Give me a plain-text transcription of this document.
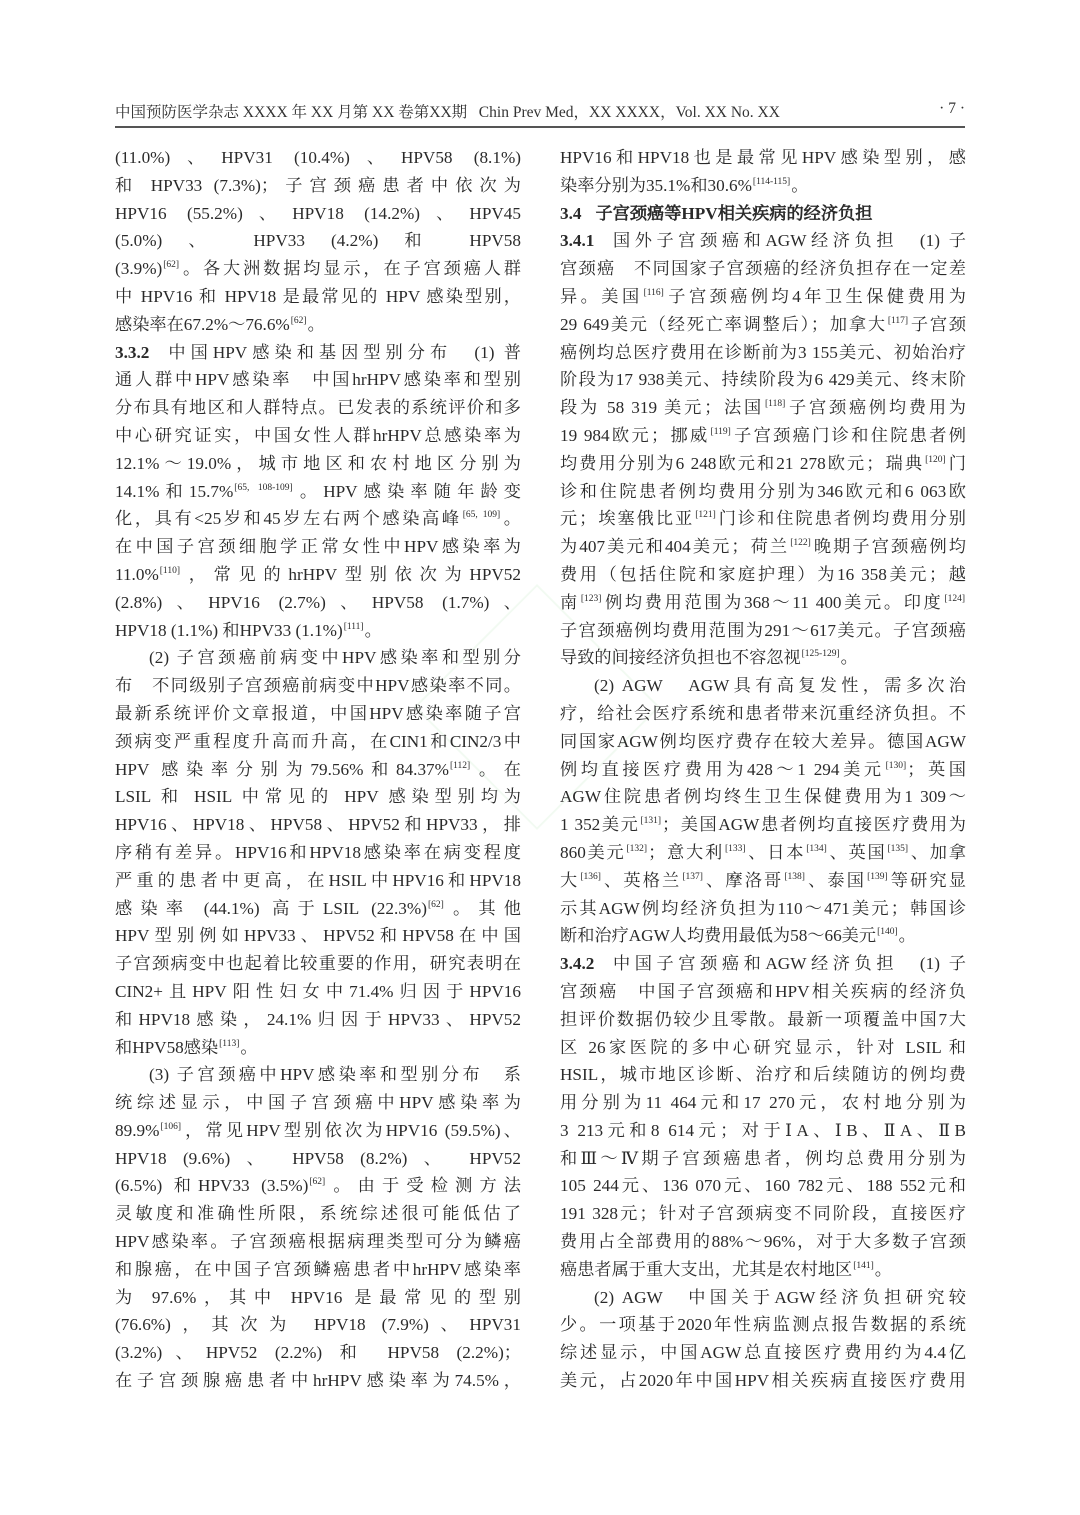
中国预防医学杂志 XXXX 年 XX 月第 XX 卷第XX期   Chin Prev Med，XX XXXX，Vol. XX No. XX	· 7 ·
(11.0%)、HPV31 (10.4%)、HPV58 (8.1%)
和 HPV33 (7.3%)；子宫颈癌患者中依次为
HPV16 (55.2%)、HPV18 (14.2%)、HPV45
(5.0%) 、 HPV33 (4.2%) 和 HPV58
(3.9%)[62]。各大洲数据均显示，在子宫颈癌人群
中 HPV16 和 HPV18 是最常见的 HPV 感染型别，
感染率在67.2%～76.6%[62]。
3.3.2 中国HPV感染和基因型别分布　(1) 普
通人群中HPV感染率　中国hrHPV感染率和型别
分布具有地区和人群特点。已发表的系统评价和多
中心研究证实，中国女性人群hrHPV总感染率为
12.1%～19.0%，城市地区和农村地区分别为
14.1%和15.7%[65, 108-109]。HPV感染率随年龄变
化，具有<25岁和45岁左右两个感染高峰[65, 109]。
在中国子宫颈细胞学正常女性中HPV感染率为
11.0%[110]，常见的hrHPV型别依次为HPV52
(2.8%)、HPV16 (2.7%)、HPV58 (1.7%)、
HPV18 (1.1%) 和HPV33 (1.1%)[111]。
(2) 子宫颈癌前病变中HPV感染率和型别分
布　不同级别子宫颈癌前病变中HPV感染率不同。
最新系统评价文章报道，中国HPV感染率随子宫
颈病变严重程度升高而升高，在CIN1和CIN2/3中
HPV 感染率分别为79.56%和84.37%[112]。在
LSIL 和 HSIL 中常见的 HPV 感染型别均为
HPV16、HPV18、HPV58、HPV52和HPV33，排
序稍有差异。HPV16和HPV18感染率在病变程度
严重的患者中更高，在HSIL中HPV16和HPV18
感染率 (44.1%) 高于LSIL (22.3%)[62]。其他
HPV型别例如HPV33、HPV52和HPV58在中国
子宫颈病变中也起着比较重要的作用，研究表明在
CIN2+且HPV阳性妇女中71.4%归因于HPV16
和HPV18感染，24.1%归因于HPV33、HPV52
和HPV58感染[113]。
(3) 子宫颈癌中HPV感染率和型别分布　系
统综述显示，中国子宫颈癌中HPV感染率为
89.9%[106]，常见HPV型别依次为HPV16 (59.5%)、
HPV18 (9.6%) 、 HPV58 (8.2%) 、 HPV52
(6.5%) 和HPV33 (3.5%)[62]。由于受检测方法
灵敏度和准确性所限，系统综述很可能低估了
HPV感染率。子宫颈癌根据病理类型可分为鳞癌
和腺癌，在中国子宫颈鳞癌患者中hrHPV感染率
为 97.6%，其中 HPV16 是最常见的型别
(76.6%)，其次为 HPV18 (7.9%)、HPV31
(3.2%)、HPV52 (2.2%) 和 HPV58 (2.2%)；
在子宫颈腺癌患者中hrHPV感染率为74.5%，
HPV16和HPV18也是最常见HPV感染型别，感
染率分别为35.1%和30.6%[114-115]。
3.4 子宫颈癌等HPV相关疾病的经济负担
3.4.1 国外子宫颈癌和AGW经济负担　(1) 子
宫颈癌　不同国家子宫颈癌的经济负担存在一定差
异。美国[116]子宫颈癌例均4年卫生保健费用为
29 649美元（经死亡率调整后）；加拿大[117]子宫颈
癌例均总医疗费用在诊断前为3 155美元、初始治疗
阶段为17 938美元、持续阶段为6 429美元、终末阶
段为 58 319 美元；法国[118]子宫颈癌例均费用为
19 984欧元；挪威[119]子宫颈癌门诊和住院患者例
均费用分别为6 248欧元和21 278欧元；瑞典[120]门
诊和住院患者例均费用分别为346欧元和6 063欧
元；埃塞俄比亚[121]门诊和住院患者例均费用分别
为407美元和404美元；荷兰[122]晚期子宫颈癌例均
费用（包括住院和家庭护理）为16 358美元；越
南[123]例均费用范围为368～11 400美元。印度[124]
子宫颈癌例均费用范围为291～617美元。子宫颈癌
导致的间接经济负担也不容忽视[125-129]。
(2) AGW　AGW具有高复发性，需多次治
疗，给社会医疗系统和患者带来沉重经济负担。不
同国家AGW例均医疗费存在较大差异。德国AGW
例均直接医疗费用为428～1 294美元[130]；英国
AGW住院患者例均终生卫生保健费用为1 309～
1 352美元[131]；美国AGW患者例均直接医疗费用为
860美元[132]；意大利[133]、日本[134]、英国[135]、加拿
大[136]、英格兰[137]、摩洛哥[138]、泰国[139]等研究显
示其AGW例均经济负担为110～471美元；韩国诊
断和治疗AGW人均费用最低为58～66美元[140]。
3.4.2 中国子宫颈癌和AGW经济负担　(1) 子
宫颈癌　中国子宫颈癌和HPV相关疾病的经济负
担评价数据仍较少且零散。最新一项覆盖中国7大
区 26家医院的多中心研究显示，针对 LSIL 和
HSIL，城市地区诊断、治疗和后续随访的例均费
用分别为11 464元和17 270元，农村地分别为
3 213元和8 614元；对于ⅠA、ⅠB、ⅡA、ⅡB
和Ⅲ～Ⅳ期子宫颈癌患者，例均总费用分别为
105 244元、136 070元、160 782元、188 552元和
191 328元；针对子宫颈病变不同阶段，直接医疗
费用占全部费用的88%～96%，对于大多数子宫颈
癌患者属于重大支出，尤其是农村地区[141]。
(2) AGW　中国关于AGW经济负担研究较
少。一项基于2020年性病监测点报告数据的系统
综述显示，中国AGW总直接医疗费用约为4.4亿
美元，占2020年中国HPV相关疾病直接医疗费用
